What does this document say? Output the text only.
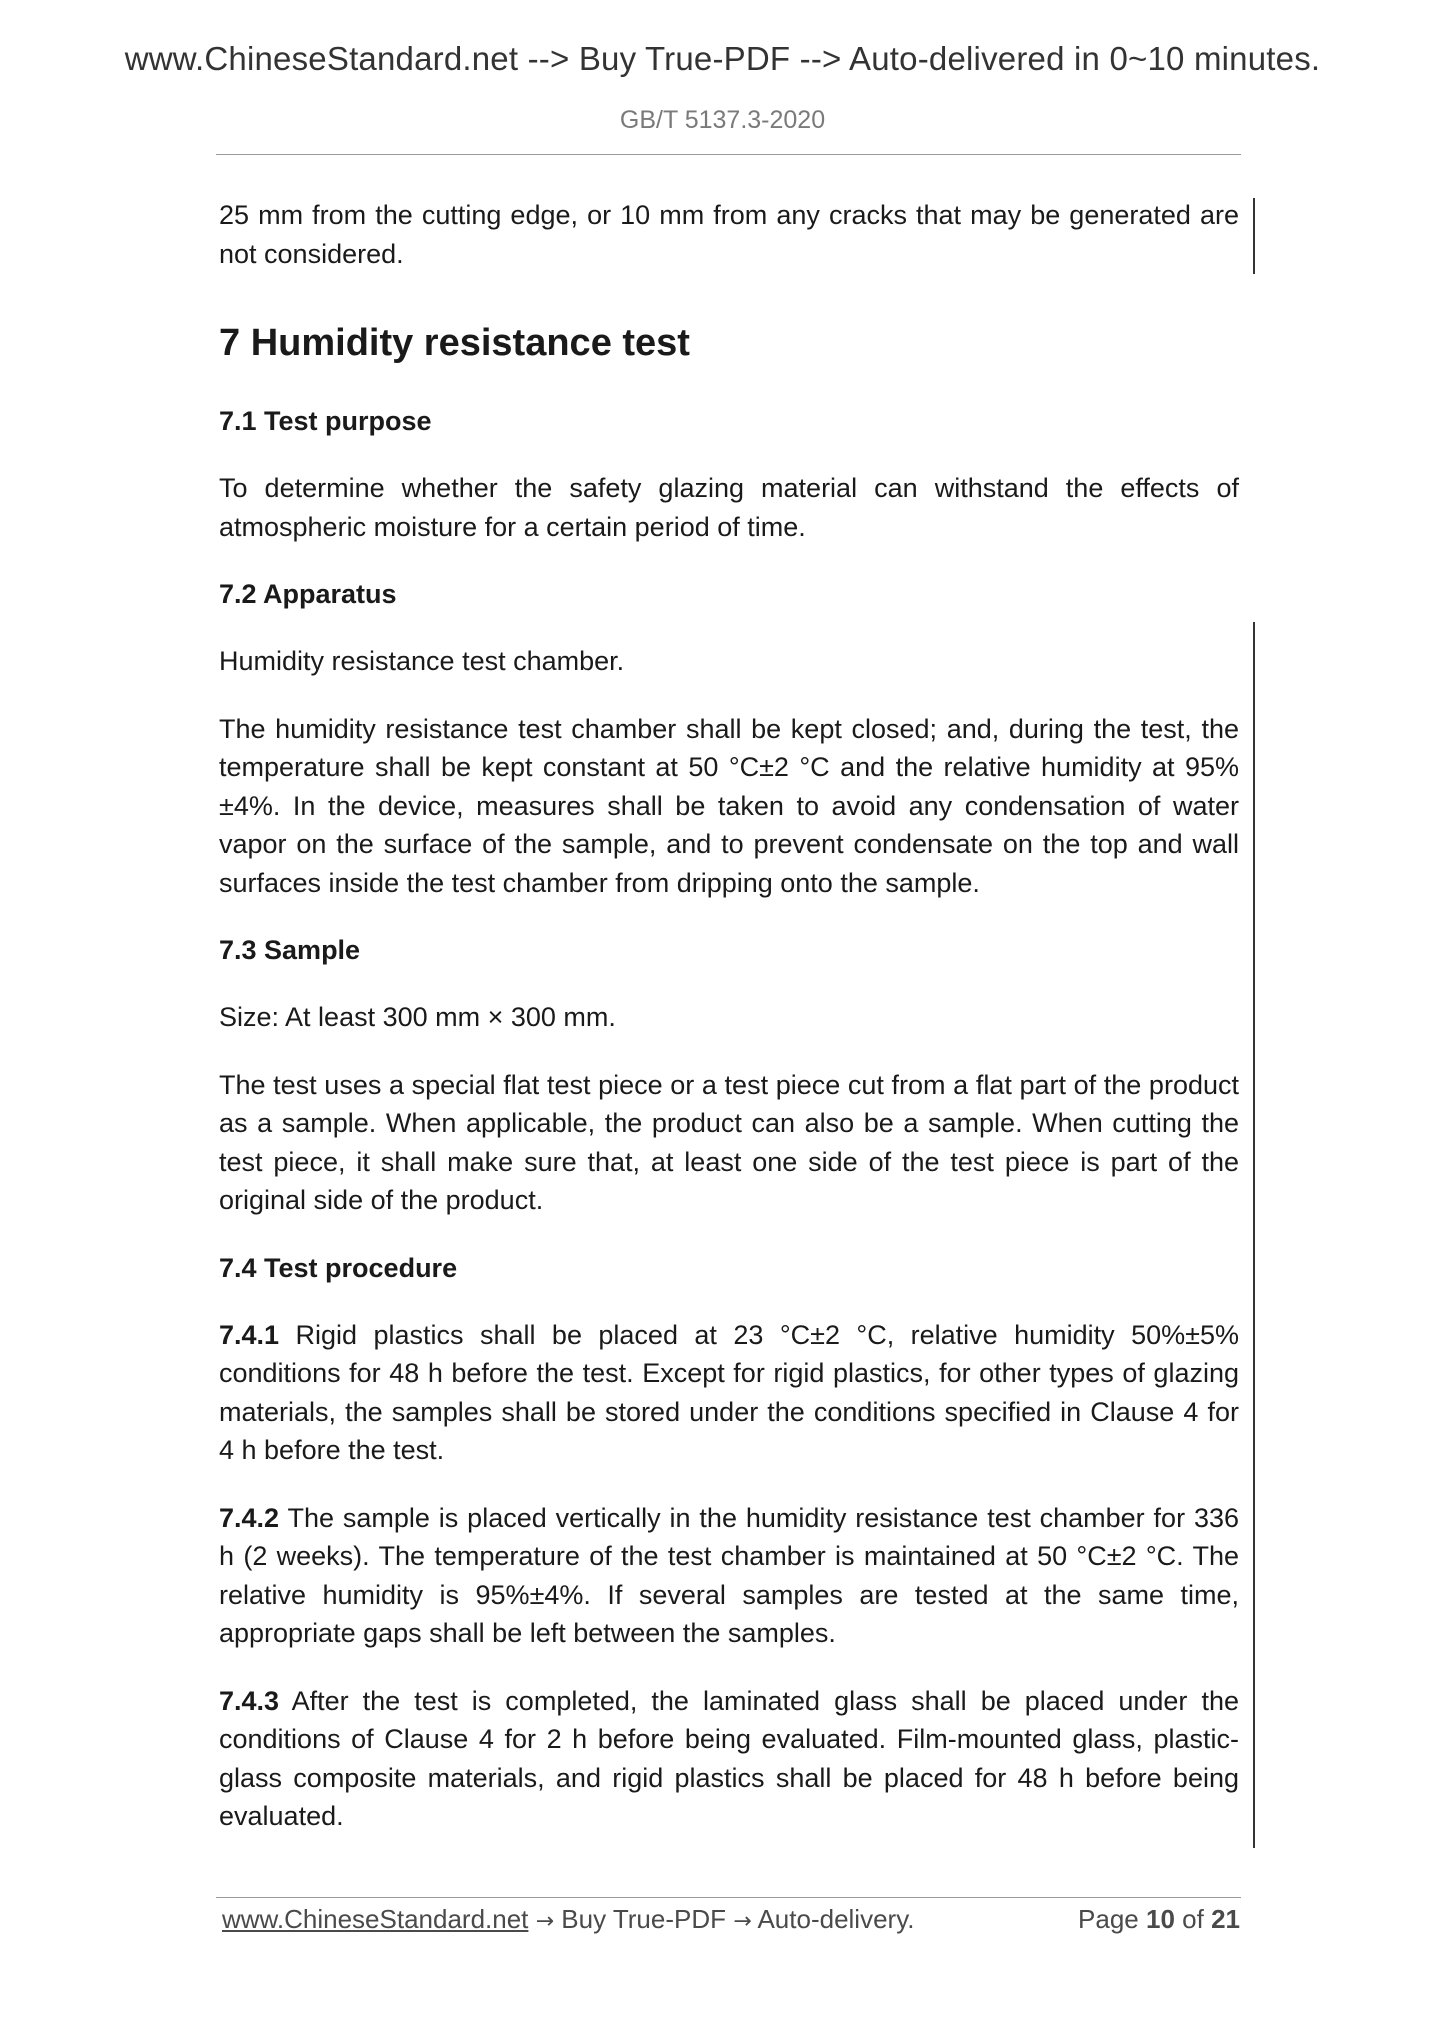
www.ChineseStandard.net --> Buy True-PDF --> Auto-delivered in 0~10 minutes.
GB/T 5137.3-2020

25 mm from the cutting edge, or 10 mm from any cracks that may be generated are not considered.

7 Humidity resistance test
7.1 Test purpose

To determine whether the safety glazing material can withstand the effects of atmospheric moisture for a certain period of time.

7.2 Apparatus

Humidity resistance test chamber.

The humidity resistance test chamber shall be kept closed; and, during the test, the temperature shall be kept constant at 50 °C±2 °C and the relative humidity at 95%±4%. In the device, measures shall be taken to avoid any condensation of water vapor on the surface of the sample, and to prevent condensate on the top and wall surfaces inside the test chamber from dripping onto the sample.

7.3 Sample

Size: At least 300 mm × 300 mm.

The test uses a special flat test piece or a test piece cut from a flat part of the product as a sample. When applicable, the product can also be a sample. When cutting the test piece, it shall make sure that, at least one side of the test piece is part of the original side of the product.

7.4 Test procedure

7.4.1 Rigid plastics shall be placed at 23 °C±2 °C, relative humidity 50%±5% conditions for 48 h before the test. Except for rigid plastics, for other types of glazing materials, the samples shall be stored under the conditions specified in Clause 4 for 4 h before the test.

7.4.2 The sample is placed vertically in the humidity resistance test chamber for 336 h (2 weeks). The temperature of the test chamber is maintained at 50 °C±2 °C. The relative humidity is 95%±4%. If several samples are tested at the same time, appropriate gaps shall be left between the samples.

7.4.3 After the test is completed, the laminated glass shall be placed under the conditions of Clause 4 for 2 h before being evaluated. Film-mounted glass, plastic-glass composite materials, and rigid plastics shall be placed for 48 h before being evaluated.

www.ChineseStandard.net → Buy True-PDF → Auto-delivery.	Page 10 of 21
